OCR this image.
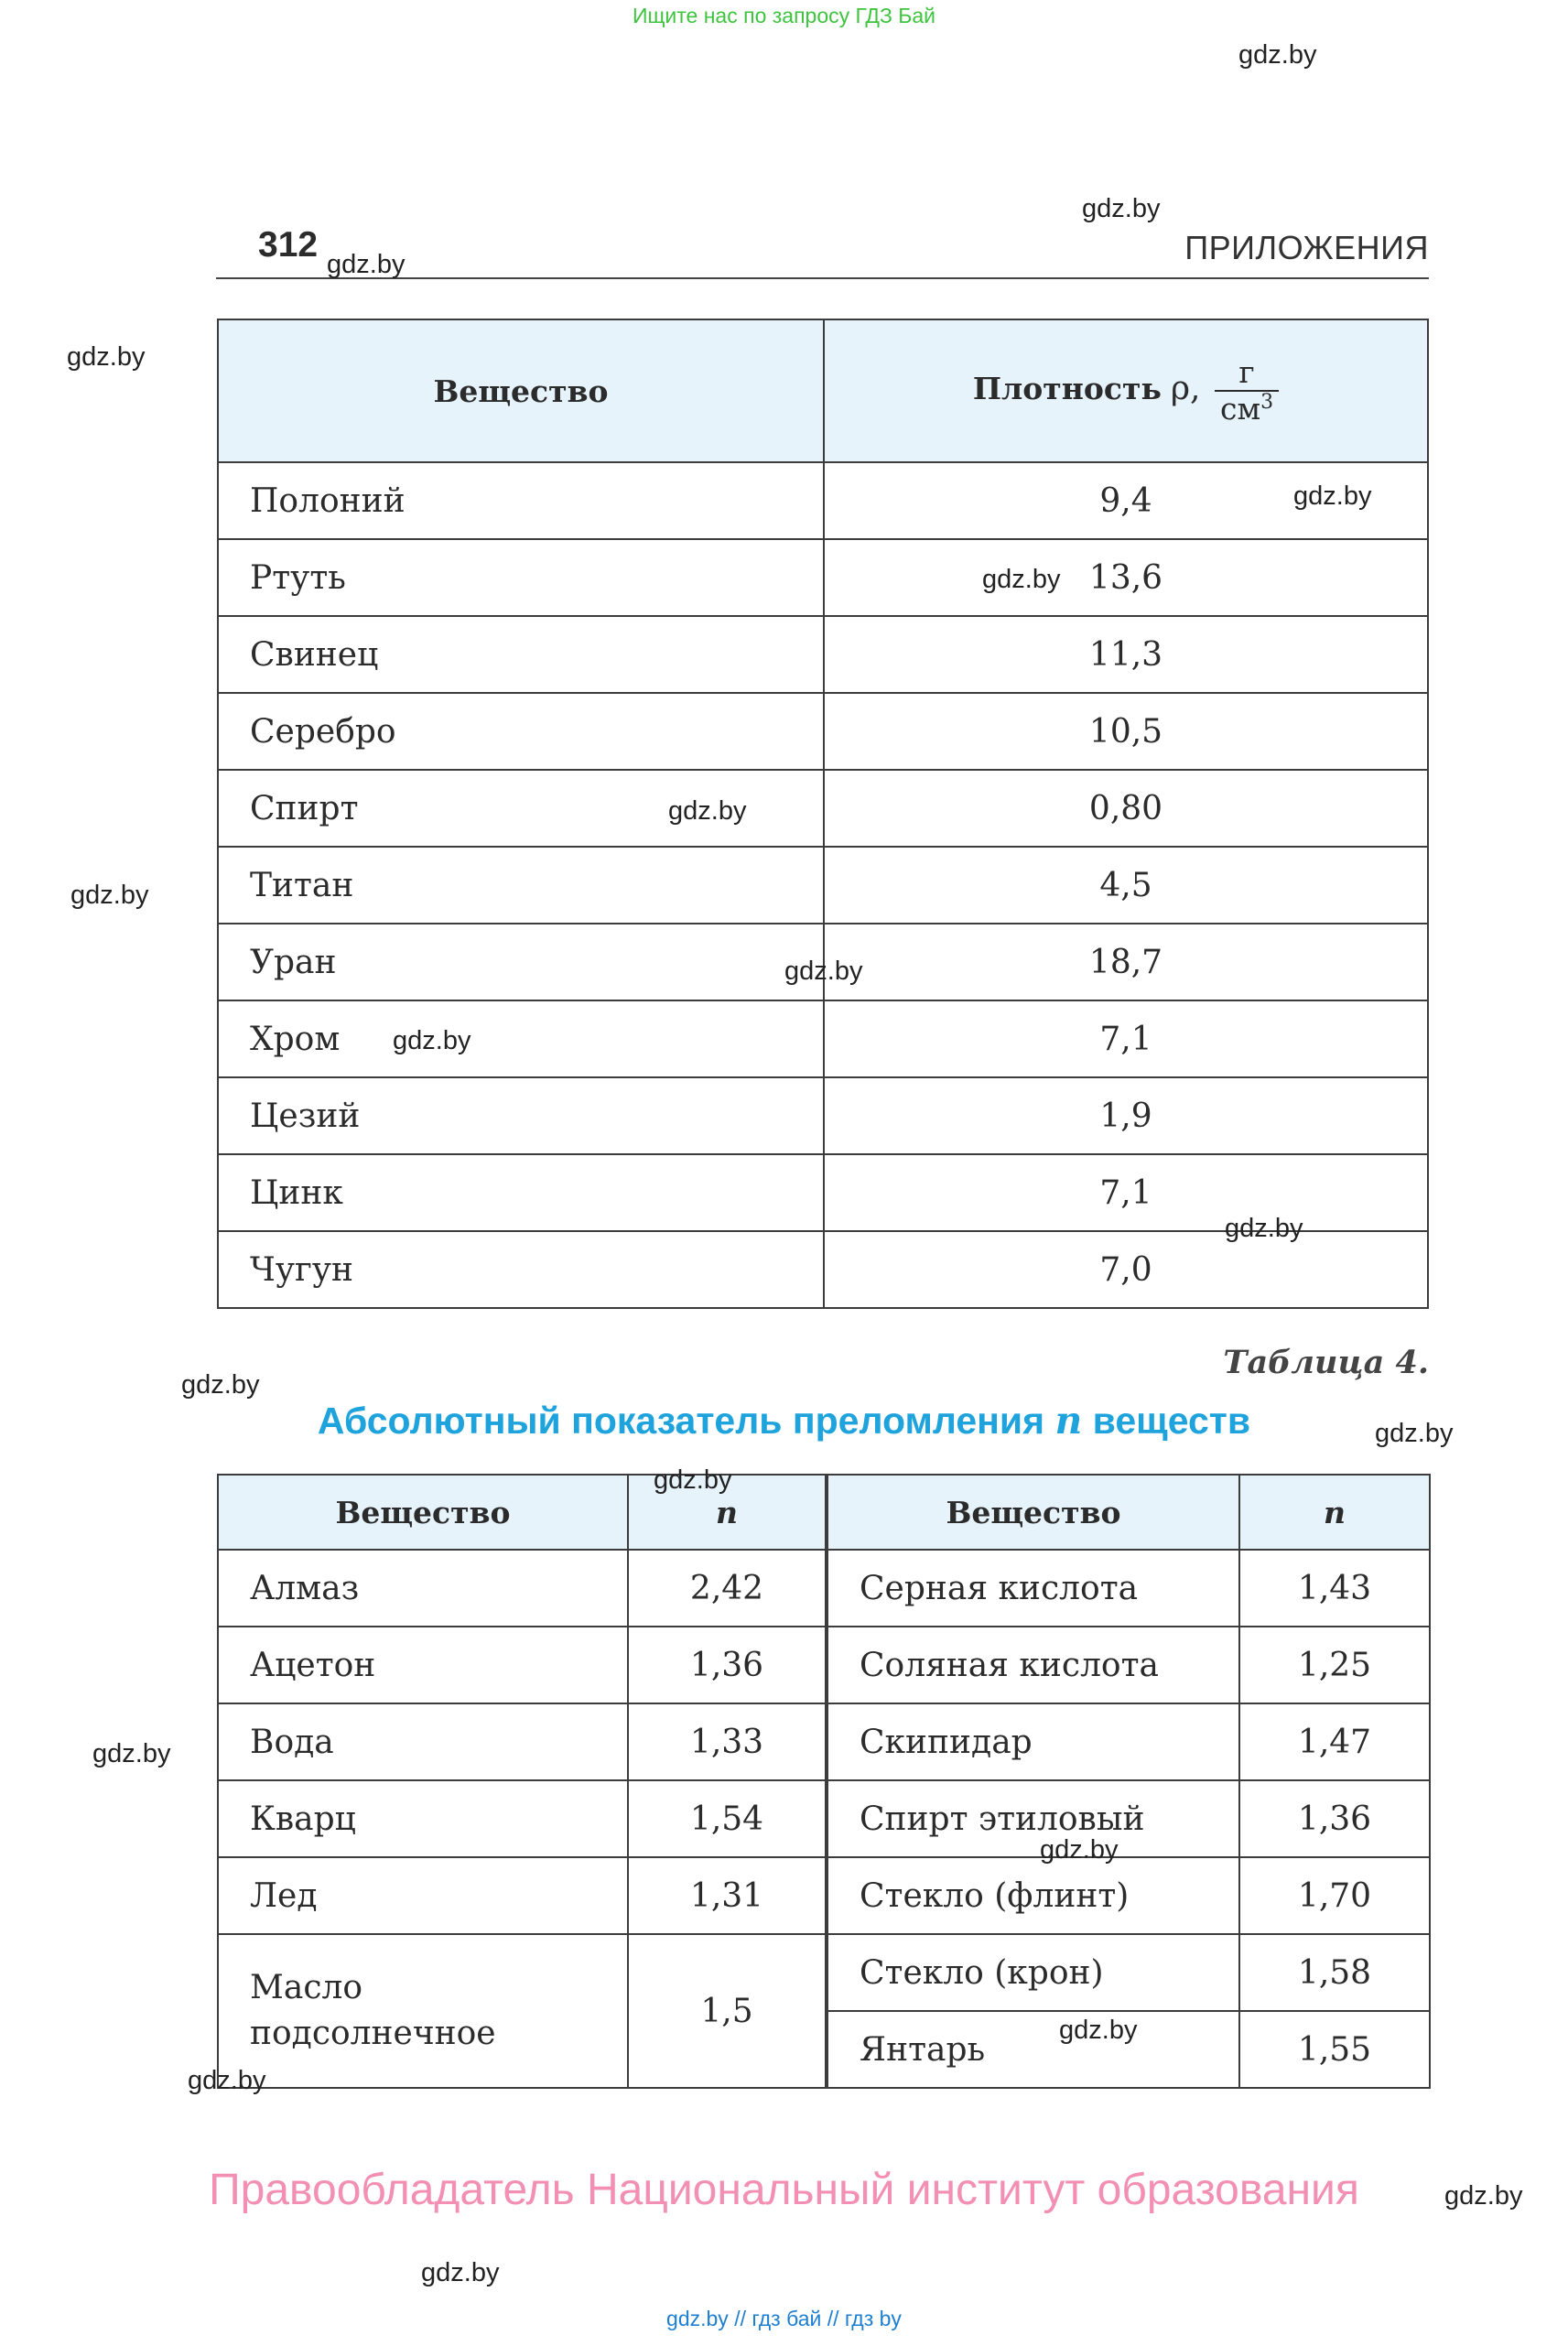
Ищите нас по запросу ГДЗ Бай
312	ПРИЛОЖЕНИЯ
Вещество	Плотность ρ, $\frac{г}{см^3}$

Полоний	9,4
Ртуть	13,6
Свинец	11,3
Серебро	10,5
Спирт	0,80
Титан	4,5
Уран	18,7
Хром	7,1
Цезий	1,9
Цинк	7,1
Чугун	7,0
Таблица 4.
Абсолютный показатель преломления n веществ
Вещество	n	Вещество	n
Алмаз	2,42	Серная кислота	1,43
Ацетон	1,36	Соляная кислота	1,25
Вода	1,33	Скипидар	1,47
Кварц	1,54	Спирт этиловый	1,36
Лед	1,31	Стекло (флинт)	1,70
Масло
подсолнечное	1,5	Стекло (крон)	1,58
		Янтарь	1,55
Правообладатель Национальный институт образования
gdz.by // гдз бай // гдз by
gdz.by
gdz.by
gdz.by
gdz.by
gdz.by
gdz.by
gdz.by
gdz.by
gdz.by
gdz.by
gdz.by
gdz.by
gdz.by
gdz.by
gdz.by
gdz.by
gdz.by
gdz.by
gdz.by
gdz.by
